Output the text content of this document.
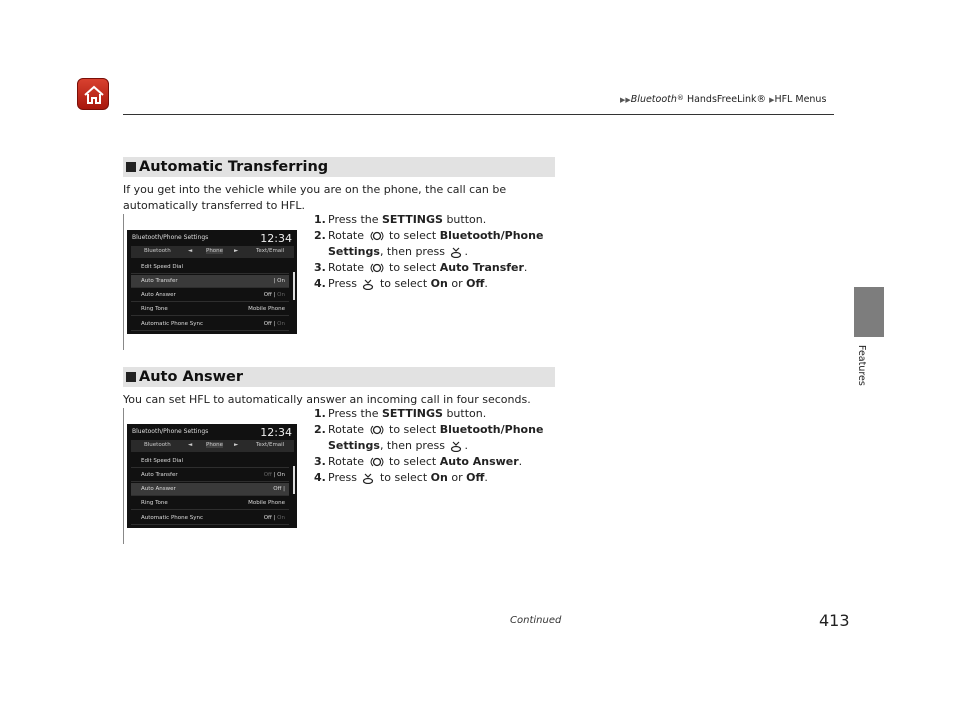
▶▶Bluetooth® HandsFreeLink® ▶HFL Menus
Features
Automatic Transferring
If you get into the vehicle while you are on the phone, the call can be automatically transferred to HFL.
Bluetooth/Phone Settings	12:34
Bluetooth	◄	Phone ►	Text/Email
Edit Speed Dial
Auto Transfer	| On
Auto Answer	Off | On
Ring Tone	Mobile Phone
Automatic Phone Sync	Off | On
1. Press the SETTINGS button.
2. Rotate  to select Bluetooth/Phone
Settings, then press .
3. Rotate  to select Auto Transfer.
4. Press  to select On or Off.
Auto Answer
You can set HFL to automatically answer an incoming call in four seconds.
Bluetooth/Phone Settings	12:34
Bluetooth	◄	Phone ►	Text/Email
Edit Speed Dial
Auto Transfer	Off | On
Auto Answer	Off |
Ring Tone	Mobile Phone
Automatic Phone Sync	Off | On
1. Press the SETTINGS button.
2. Rotate  to select Bluetooth/Phone
Settings, then press .
3. Rotate  to select Auto Answer.
4. Press  to select On or Off.
Continued	413
